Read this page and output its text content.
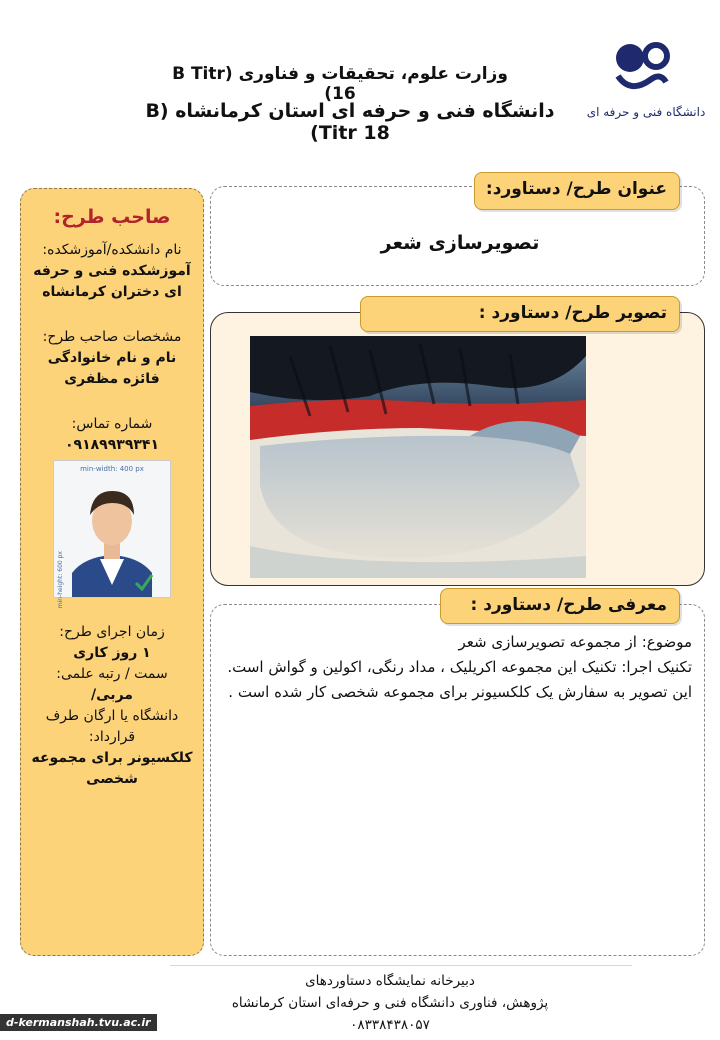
دانشگاه فنی و حرفه ای
وزارت علوم، تحقیقات و فناوری (B Titr 16)
دانشگاه فنی و حرفه ای استان کرمانشاه (B Titr 18)
صاحب طرح:
نام دانشکده/آموزشکده:
آموزشکده فنی و حرفه ای دختران کرمانشاه
مشخصات صاحب طرح:
نام و نام خانوادگی
فائزه مظفری
شماره تماس:
۰۹۱۸۹۹۳۹۳۴۱
min-width: 400 px
min-height: 600 px
زمان اجرای طرح:
۱ روز کاری
سمت / رتبه علمی:
مربی/
دانشگاه یا ارگان طرف قرارداد:
کلکسیونر برای مجموعه شخصی
عنوان طرح/ دستاورد:
تصویرسازی شعر
تصویر طرح/ دستاورد :
معرفی طرح/ دستاورد :
موضوع: از مجموعه تصویرسازی شعر
تکنیک اجرا: تکنیک این مجموعه اکریلیک ، مداد رنگی، اکولین و گواش است.
این تصویر به سفارش یک کلکسیونر برای مجموعه شخصی کار شده است .
دبیرخانه نمایشگاه دستاوردهای
پژوهش، فناوری دانشگاه فنی و حرفه‌ای استان کرمانشاه
۰۸۳۳۸۴۳۸۰۵۷
d-kermanshah.tvu.ac.ir
